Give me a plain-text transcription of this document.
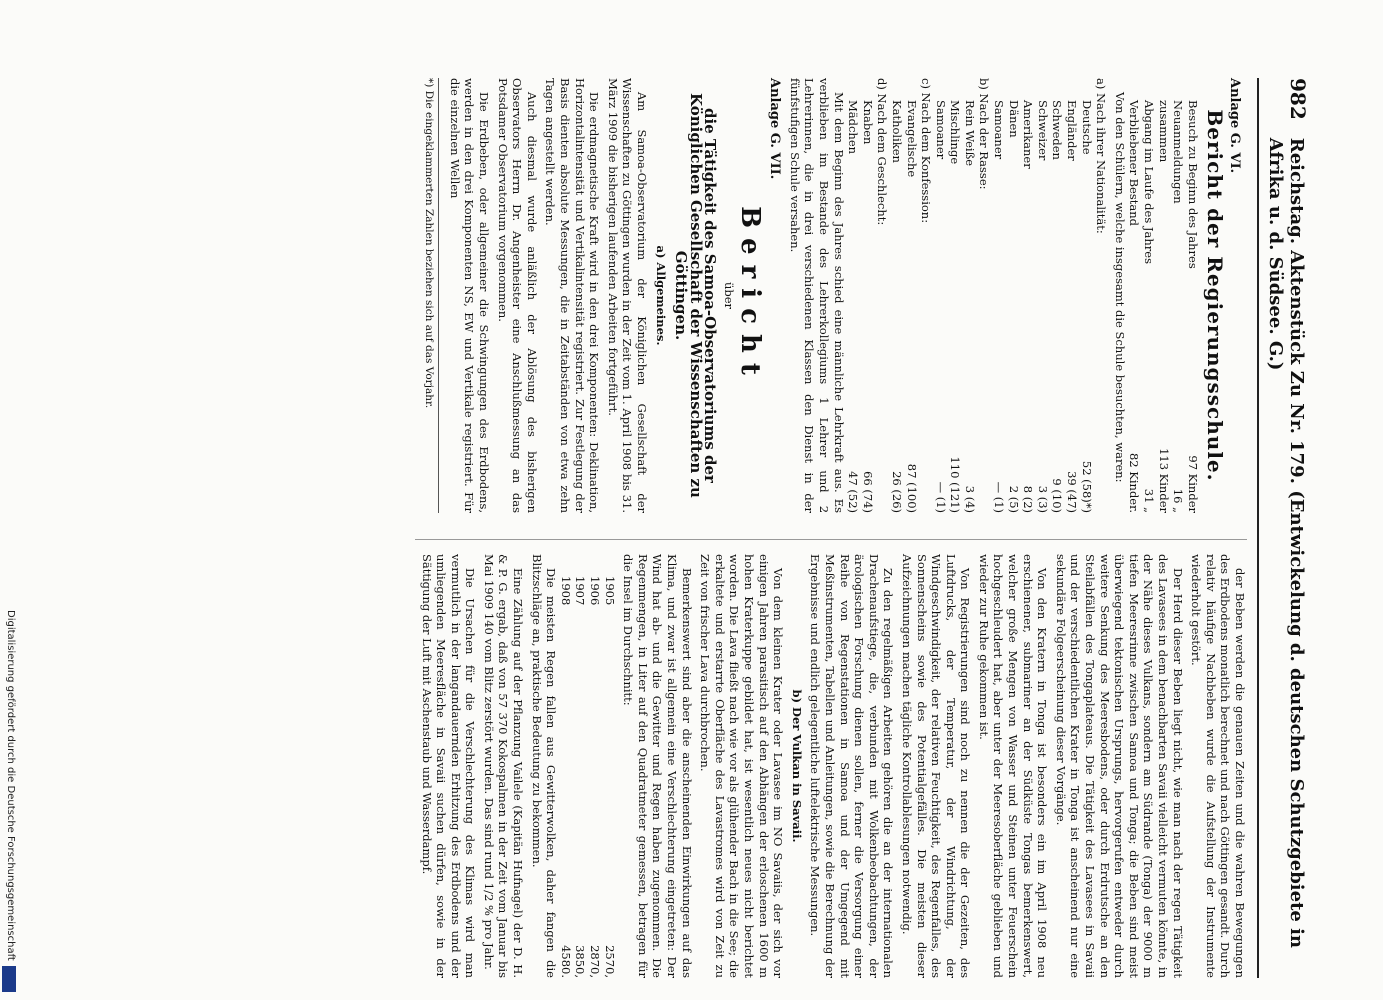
982
Reichstag. Aktenstück Zu Nr. 179. (Entwickelung d. deutschen Schutzgebiete in Afrika u. d. Südsee. G.)
Anlage G. VI.
Bericht der Regierungsschule.
Besuch zu Beginn des Jahres
97 Kinder
Neuanmeldungen
16 „
zusammen
113 Kinder
Abgang im Laufe des Jahres
31 „
Verbliebener Bestand
82 Kinder.

Von den Schülern, welche insgesamt die Schule besuchten, waren:

a) Nach ihrer Nationalität:
Deutsche
52 (58)*)
Engländer
39 (47)
Schweden
9 (10)
Schweizer
3 (3)
Amerikaner
8 (2)
Dänen
2 (5)
Samoaner
— (1)
b) Nach der Rasse:
Rein Weiße
3 (4)
Mischlinge
110 (121)
Samoaner
— (1)
c) Nach dem Konfession:
Evangelische
87 (100)
Katholiken
26 (26)
d) Nach dem Geschlecht:
Knaben
66 (74)
Mädchen
47 (52)

Mit dem Beginn des Jahres schied eine männliche Lehrkraft aus. Es verblieben im Bestande des Lehrerkollegiums 1 Lehrer und 2 Lehrerinnen, die in drei verschiedenen Klassen den Dienst in der fünfstufigen Schule versahen.

Anlage G. VII.
Bericht
über
die Tätigkeit des Samoa-Observatoriums der Königlichen Gesellschaft der Wissenschaften zu Göttingen.
a) Allgemeines.

Am Samoa-Observatorium der Königlichen Gesellschaft der Wissenschaften zu Göttingen wurden in der Zeit vom 1. April 1908 bis 31. März 1909 die bisherigen laufenden Arbeiten fortgeführt.

Die erdmagnetische Kraft wird in den drei Komponenten: Deklination, Horizontalintensität und Vertikalintensität registriert. Zur Festlegung der Basis dienten absolute Messungen, die in Zeitabständen von etwa zehn Tagen angestellt werden.

Auch diesmal wurde anläßlich der Ablösung des bisherigen Observators Herrn Dr. Angenheister eine Anschlußmessung an das Potsdamer Observatorium vorgenommen.

Die Erdbeben, oder allgemeiner die Schwingungen des Erdbodens, werden in den drei Komponenten NS, EW und Vertikale registriert. Für die einzelnen Wellen

*) Die eingeklammerten Zahlen beziehen sich auf das Vorjahr.

der Beben werden die genauen Zeiten und die wahren Bewegungen des Erdbodens monatlich berechnet und nach Göttingen gesandt. Durch relativ häufige Nachbeben wurde die Aufstellung der Instrumente wiederholt gestört.

Der Herd dieser Beben liegt nicht, wie man nach der regen Tätigkeit des Lavasees in dem benachbarten Savaii vielleicht vermuten könnte, in der Nähe dieses Vulkans, sondern am Südrande (Tonga) der 9000 m tiefen Meeresrinne zwischen Samoa und Tonga; die Beben sind meist überwiegend tektonischen Ursprungs, hervorgerufen entweder durch weitere Senkung des Meeresbodens, oder durch Erdrutsche an den Steilabfällen des Tongaplateaus. Die Tätigkeit des Lavasees in Savaii und der verschiedentlichen Krater in Tonga ist anscheinend nur eine sekundäre Folgeerscheinung dieser Vorgänge.

Von den Kratern in Tonga ist besonders ein im April 1908 neu erschienener, submariner an der Südküste Tongas bemerkenswert, welcher große Mengen von Wasser und Steinen unter Feuerschein hochgeschleudert hat, aber unter der Meeresoberfläche geblieben und wieder zur Ruhe gekommen ist.

Von Registrierungen sind noch zu nennen die der Gezeiten, des Luftdrucks, der Temperatur, der Windrichtung, der Windgeschwindigkeit, der relativen Feuchtigkeit, des Regenfalles, des Sonnenscheins sowie des Potentialgefälles. Die meisten dieser Aufzeichnungen machen tägliche Kontrollablesungen notwendig.

Zu den regelmäßigen Arbeiten gehören die an der internationalen Drachenaufstiege, die, verbunden mit Wolkenbeobachtungen, der ärologischen Forschung dienen sollen, ferner die Versorgung einer Reihe von Regenstationen in Samoa und der Umgegend mit Meßinstrumenten, Tabellen und Anleitungen, sowie die Berechnung der Ergebnisse und endlich gelegentliche luftelektrische Messungen.

b) Der Vulkan in Savaii.

Von dem kleinen Krater oder Lavasee im NO Savaiis, der sich vor einigen Jahren parasitisch auf den Abhängen der erloschenen 1600 m hohen Kraterkuppe gebildet hat, ist wesentlich neues nicht berichtet worden. Die Lava fließt nach wie vor als glühender Bach in die See; die erkaltete und erstarrte Oberfläche des Lavastromes wird von Zeit zu Zeit von frischer Lava durchbrochen.

Bemerkenswert sind aber die anscheinenden Einwirkungen auf das Klima, und zwar ist allgemein eine Verschlechterung eingetreten: Der Wind hat ab- und die Gewitter und Regen haben zugenommen. Die Regenmengen, in Liter auf den Quadratmeter gemessen, betragen für die Insel im Durchschnitt:

1905
2570,
1906
2870,
1907
3850,
1908
4580.

Die meisten Regen fallen aus Gewitterwolken, daher fangen die Blitzschläge an, praktische Bedeutung zu bekommen.

Eine Zählung auf der Pflanzung Vailele (Kapitän Hufnagel) der D. H. & P. G. ergab, daß von 57 370 Kokospalmen in der Zeit vom Januar bis Mai 1909 140 vom Blitz zerstört wurden. Das sind rund 1/2 % pro Jahr.

Die Ursachen für die Verschlechterung des Klimas wird man vermutlich in der langandauernden Erhitzung des Erdbodens und der umliegenden Meeresfläche in Savaii suchen dürfen, sowie in der Sättigung der Luft mit Aschenstaub und Wasserdampf.

Digitalisierung gefördert durch die Deutsche Forschungsgemeinschaft
